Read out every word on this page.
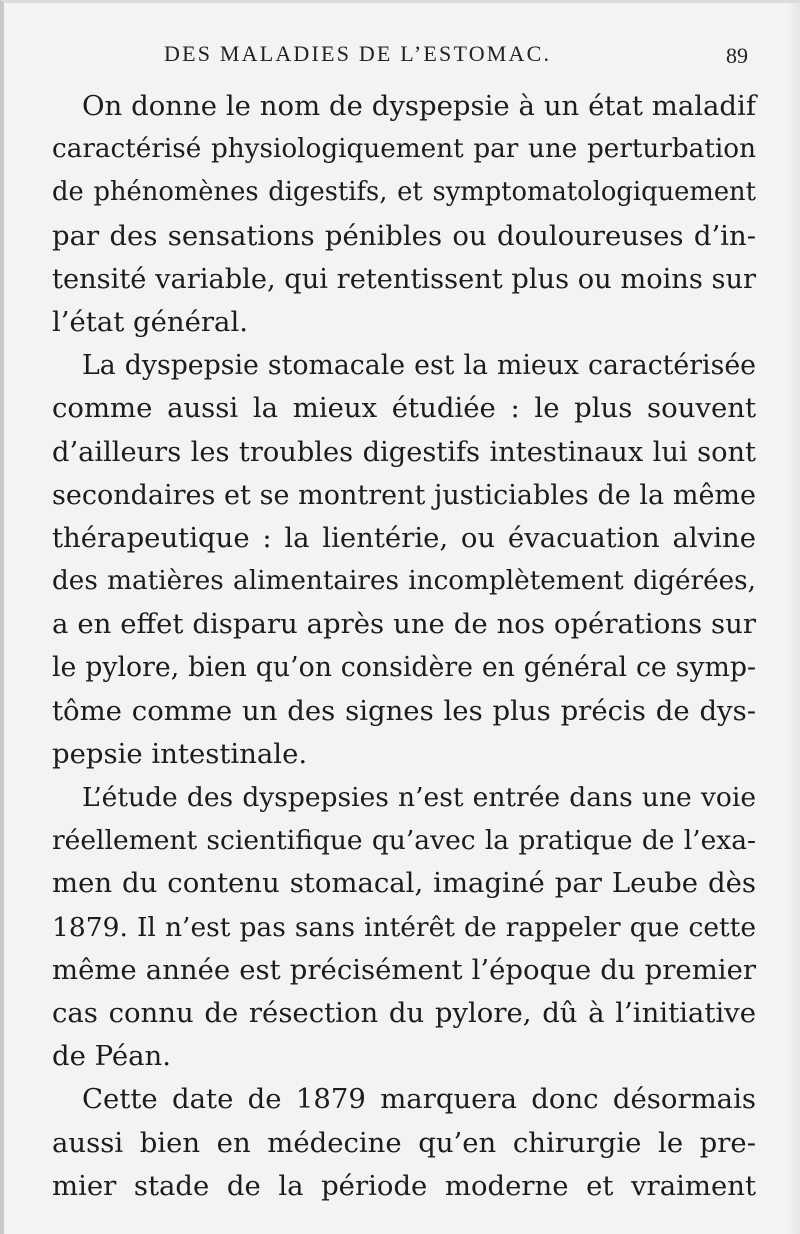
DES MALADIES DE L’ESTOMAC.	89
On donne le nom de dyspepsie à un état maladif
caractérisé physiologiquement par une perturbation
de phénomènes digestifs, et symptomatologiquement
par des sensations pénibles ou douloureuses d’in-
tensité variable, qui retentissent plus ou moins sur
l’état général.
La dyspepsie stomacale est la mieux caractérisée
comme aussi la mieux étudiée : le plus souvent
d’ailleurs les troubles digestifs intestinaux lui sont
secondaires et se montrent justiciables de la même
thérapeutique : la lientérie, ou évacuation alvine
des matières alimentaires incomplètement digérées,
a en effet disparu après une de nos opérations sur
le pylore, bien qu’on considère en général ce symp-
tôme comme un des signes les plus précis de dys-
pepsie intestinale.
L’étude des dyspepsies n’est entrée dans une voie
réellement scientifique qu’avec la pratique de l’exa-
men du contenu stomacal, imaginé par Leube dès
1879. Il n’est pas sans intérêt de rappeler que cette
même année est précisément l’époque du premier
cas connu de résection du pylore, dû à l’initiative
de Péan.
Cette date de 1879 marquera donc désormais
aussi bien en médecine qu’en chirurgie le pre-
mier stade de la période moderne et vraiment
